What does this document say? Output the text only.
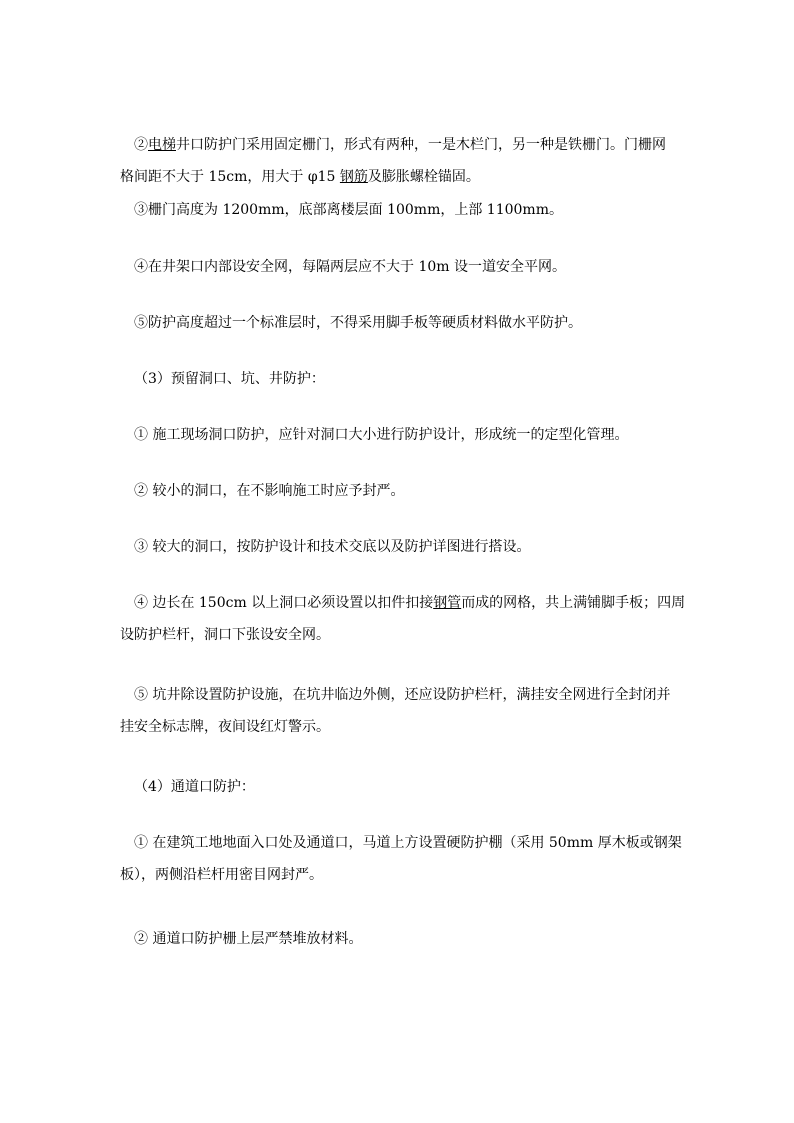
②电梯井口防护门采用固定栅门，形式有两种，一是木栏门，另一种是铁栅门。门栅网
格间距不大于 15cm，用大于 φ15 钢筋及膨胀螺栓锚固。

③栅门高度为 1200mm，底部离楼层面 100mm，上部 1100mm。

④在井架口内部设安全网，每隔两层应不大于 10m 设一道安全平网。

⑤防护高度超过一个标准层时，不得采用脚手板等硬质材料做水平防护。

（3）预留洞口、坑、井防护：

① 施工现场洞口防护，应针对洞口大小进行防护设计，形成统一的定型化管理。

② 较小的洞口，在不影响施工时应予封严。

③ 较大的洞口，按防护设计和技术交底以及防护详图进行搭设。

④ 边长在 150cm 以上洞口必须设置以扣件扣接钢管而成的网格，共上满铺脚手板；四周
设防护栏杆，洞口下张设安全网。

⑤ 坑井除设置防护设施，在坑井临边外侧，还应设防护栏杆，满挂安全网进行全封闭并
挂安全标志牌，夜间设红灯警示。

（4）通道口防护：

① 在建筑工地地面入口处及通道口，马道上方设置硬防护棚（采用 50mm 厚木板或钢架
板），两侧沿栏杆用密目网封严。

② 通道口防护栅上层严禁堆放材料。
